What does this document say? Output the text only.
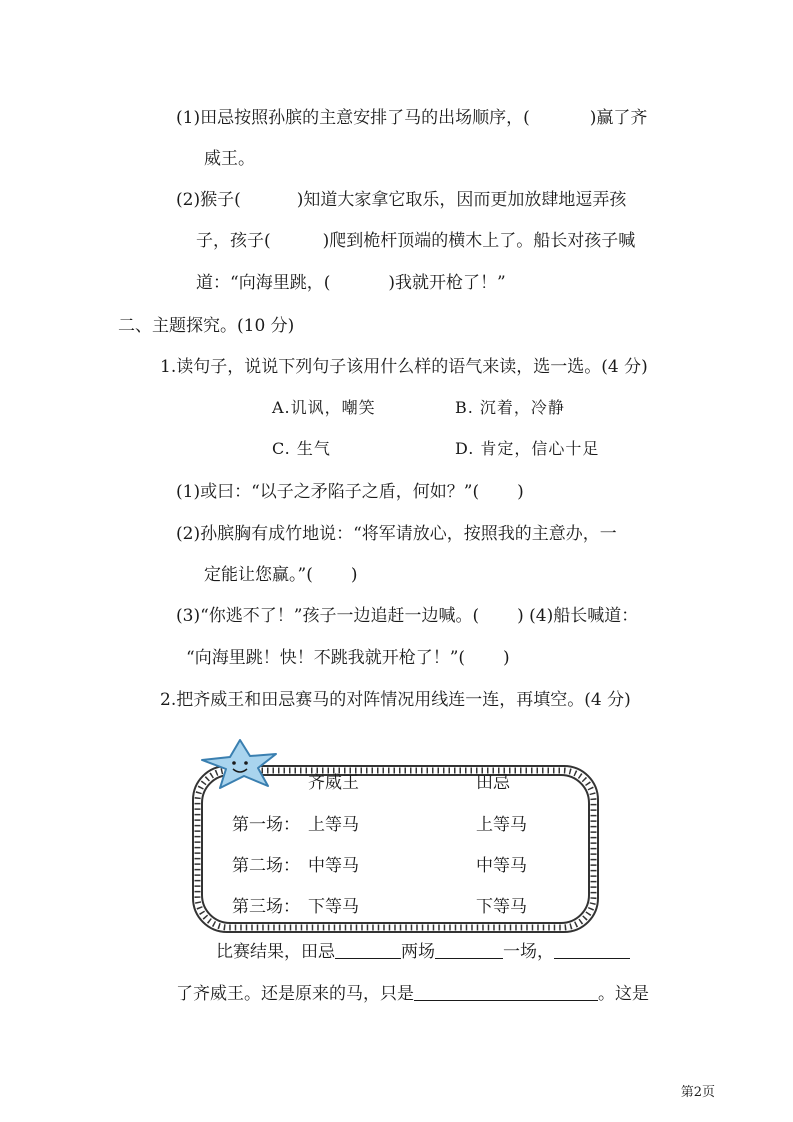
(1)田忌按照孙膑的主意安排了马的出场顺序，(	)赢了齐
威王。
(2)猴子(	)知道大家拿它取乐，因而更加放肆地逗弄孩
子，孩子(	)爬到桅杆顶端的横木上了。船长对孩子喊
道：“向海里跳，(	)我就开枪了！”
二、主题探究。(10 分)
1.读句子，说说下列句子该用什么样的语气来读，选一选。(4 分)
A.讥讽，嘲笑	B. 沉着，冷静
C. 生气	D. 肯定，信心十足
(1)或曰：“以子之矛陷子之盾，何如？”( )
(2)孙膑胸有成竹地说：“将军请放心，按照我的主意办，一
定能让您赢。”( )
(3)“你逃不了！”孩子一边追赶一边喊。( ) (4)船长喊道：
“向海里跳！快！不跳我就开枪了！”( )
2.把齐威王和田忌赛马的对阵情况用线连一连，再填空。(4 分)
齐威王	田忌
第一场： 上等马	上等马
第二场： 中等马	中等马
第三场： 下等马	下等马
比赛结果，田忌	两场	一场，
了齐威王。还是原来的马，只是	。这是
第2页
